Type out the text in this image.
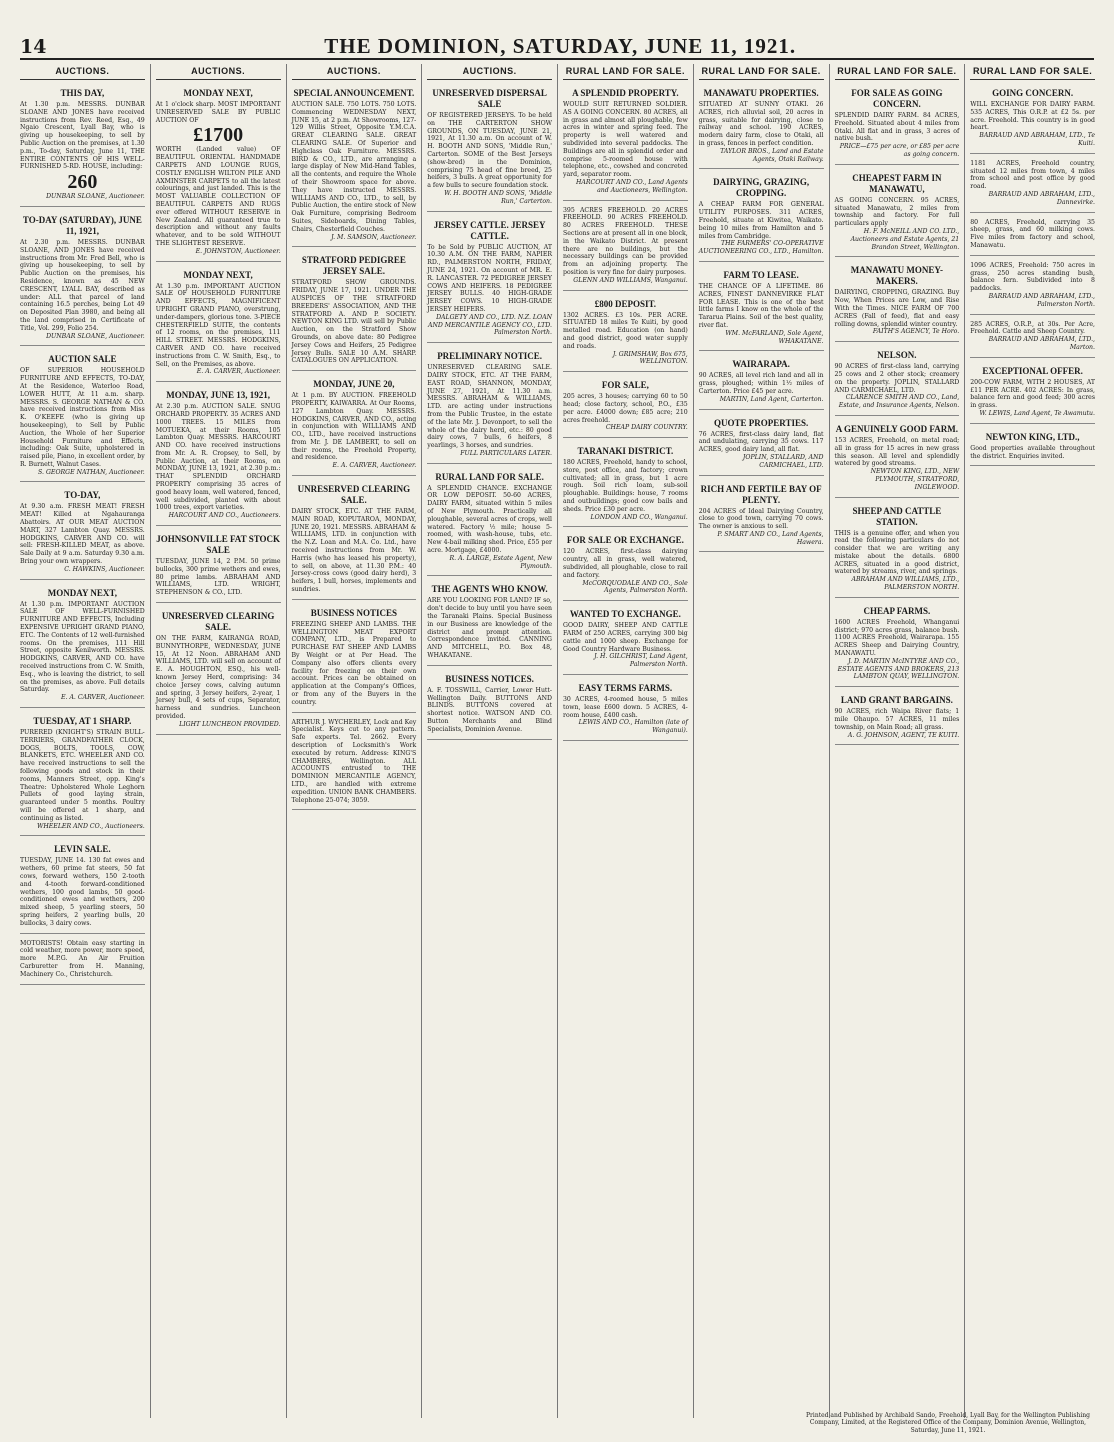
14	THE DOMINION, SATURDAY, JUNE 11, 1921.
AUCTIONS.
THIS DAY,
At 1.30 p.m. MESSRS. DUNBAR SLOANE AND JONES have received instructions from Rev. Reed, Esq., 49 Ngaio Crescent, Lyall Bay, who is giving up housekeeping, to sell by Public Auction on the premises, at 1.30 p.m., To-day, Saturday, June 11, THE ENTIRE CONTENTS OF HIS WELL-FURNISHED 5-RD. HOUSE, including:
260
DUNBAR SLOANE, Auctioneer.
TO-DAY (SATURDAY), JUNE 11, 1921,
At 2.30 p.m. MESSRS. DUNBAR SLOANE, AND JONES have received instructions from Mr. Fred Bell, who is giving up housekeeping, to sell by Public Auction on the premises, his Residence, known as 45 NEW CRESCENT, LYALL BAY, described as under: ALL that parcel of land containing 16.5 perches, being Lot 49 on Deposited Plan 3980, and being all the land comprised in Certificate of Title, Vol. 299, Folio 254.
DUNBAR SLOANE, Auctioneer.
AUCTION SALE
OF SUPERIOR HOUSEHOLD FURNITURE AND EFFECTS, TO-DAY, At the Residence, Waterloo Road, LOWER HUTT, At 11 a.m. sharp. MESSRS. S. GEORGE NATHAN & CO. have received instructions from Miss K. O'KEEFE (who is giving up housekeeping), to Sell by Public Auction, the Whole of her Superior Household Furniture and Effects, including: Oak Suite, upholstered in raised pile, Piano, in excellent order, by R. Burnett, Walnut Cases.
S. GEORGE NATHAN, Auctioneer.
TO-DAY,
At 9.30 a.m. FRESH MEAT! FRESH MEAT! Killed at Ngahauranga Abattoirs. AT OUR MEAT AUCTION MART, 327 Lambton Quay. MESSRS. HODGKINS, CARVER AND CO. will sell: FRESH-KILLED MEAT, as above. Sale Daily at 9 a.m. Saturday 9.30 a.m. Bring your own wrappers.
C. HAWKINS, Auctioneer.
MONDAY NEXT,
At 1.30 p.m. IMPORTANT AUCTION SALE OF WELL-FURNISHED FURNITURE AND EFFECTS, Including EXPENSIVE UPRIGHT GRAND PIANO, ETC. The Contents of 12 well-furnished rooms. On the premises, 111 Hill Street, opposite Kenilworth. MESSRS. HODGKINS, CARVER, AND CO. have received instructions from C. W. Smith, Esq., who is leaving the district, to sell on the premises, as above. Full details Saturday.
E. A. CARVER, Auctioneer.
TUESDAY, AT 1 SHARP.
PURERED (KNIGHT'S) STRAIN BULL-TERRIERS, GRANDFATHER CLOCK, DOGS, BOLTS, TOOLS, COW, BLANKETS, ETC. WHEELER AND CO. have received instructions to sell the following goods and stock in their rooms, Manners Street, opp. King's Theatre: Upholstered Whole Leghorn Pullets of good laying strain, guaranteed under 5 months. Poultry will be offered at 1 sharp, and continuing as listed.
WHEELER AND CO., Auctioneers.
LEVIN SALE.
TUESDAY, JUNE 14. 130 fat ewes and wethers, 60 prime fat steers, 50 fat cows, forward wethers, 150 2-tooth and 4-tooth forward-conditioned wethers, 100 good lambs, 50 good-conditioned ewes and wethers, 200 mixed sheep, 5 yearling steers, 50 spring heifers, 2 yearling bulls, 20 bullocks, 3 dairy cows.
MOTORISTS! Obtain easy starting in cold weather, more power, more speed, more M.P.G. An Air Fruition Carburetter from H. Manning, Machinery Co., Christchurch.
AUCTIONS.
MONDAY NEXT,
At 1 o'clock sharp. MOST IMPORTANT UNRESERVED SALE BY PUBLIC AUCTION OF
£1700
WORTH (Landed value) OF BEAUTIFUL ORIENTAL HANDMADE CARPETS AND LOUNGE RUGS, COSTLY ENGLISH WILTON PILE AND AXMINSTER CARPETS to all the latest colourings, and just landed. This is the MOST VALUABLE COLLECTION OF BEAUTIFUL CARPETS AND RUGS ever offered WITHOUT RESERVE in New Zealand. All guaranteed true to description and without any faults whatever, and to be sold WITHOUT THE SLIGHTEST RESERVE.
E. JOHNSTON, Auctioneer.
MONDAY NEXT,
At 1.30 p.m. IMPORTANT AUCTION SALE OF HOUSEHOLD FURNITURE AND EFFECTS, MAGNIFICENT UPRIGHT GRAND PIANO, overstrung, under-dampers, glorious tone. 3-PIECE CHESTERFIELD SUITE, the contents of 12 rooms, on the premises, 111 HILL STREET. MESSRS. HODGKINS, CARVER AND CO. have received instructions from C. W. Smith, Esq., to Sell, on the Premises, as above.
E. A. CARVER, Auctioneer.
MONDAY, JUNE 13, 1921,
At 2.30 p.m. AUCTION SALE. SNUG ORCHARD PROPERTY. 35 ACRES AND 1000 TREES. 15 MILES from MOTUEKA, at their Rooms, 105 Lambton Quay. MESSRS. HARCOURT AND CO. have received instructions from Mr. A. R. Cropsey, to Sell, by Public Auction, at their Rooms, on MONDAY, JUNE 13, 1921, at 2.30 p.m.: THAT SPLENDID ORCHARD PROPERTY comprising 35 acres of good heavy loam, well watered, fenced, well subdivided, planted with about 1000 trees, export varieties.
HARCOURT AND CO., Auctioneers.
JOHNSONVILLE FAT STOCK SALE
TUESDAY, JUNE 14, 2 P.M. 50 prime bullocks, 300 prime wethers and ewes, 80 prime lambs. ABRAHAM AND WILLIAMS, LTD. WRIGHT, STEPHENSON & CO., LTD.
UNRESERVED CLEARING SALE.
ON THE FARM, KAIRANGA ROAD, BUNNYTHORPE, WEDNESDAY, JUNE 15, At 12 Noon. ABRAHAM AND WILLIAMS, LTD. will sell on account of E. A. HOUGHTON, ESQ., his well-known Jersey Herd, comprising: 34 choice Jersey cows, calving autumn and spring, 3 Jersey heifers, 2-year, 1 Jersey bull, 4 sets of cups, Separator, harness and sundries. Luncheon provided.
LIGHT LUNCHEON PROVIDED.
AUCTIONS.
SPECIAL ANNOUNCEMENT.
AUCTION SALE. 750 LOTS. 750 LOTS. Commencing WEDNESDAY NEXT, JUNE 15, at 2 p.m. At Showrooms, 127-129 Willis Street, Opposite Y.M.C.A. GREAT CLEARING SALE. GREAT CLEARING SALE. Of Superior and Highclass Oak Furniture. MESSRS. BIRD & CO., LTD., are arranging a large display of New Mid-Hand Tables, all the contents, and require the Whole of their Showroom space for above. They have instructed MESSRS. WILLIAMS AND CO., LTD., to sell, by Public Auction, the entire stock of New Oak Furniture, comprising Bedroom Suites, Sideboards, Dining Tables, Chairs, Chesterfield Couches.
J. M. SAMSON, Auctioneer.
STRATFORD PEDIGREE JERSEY SALE.
STRATFORD SHOW GROUNDS. FRIDAY, JUNE 17, 1921. UNDER THE AUSPICES OF THE STRATFORD BREEDERS' ASSOCIATION, AND THE STRATFORD A. AND P. SOCIETY. NEWTON KING LTD. will sell by Public Auction, on the Stratford Show Grounds, on above date: 80 Pedigree Jersey Cows and Heifers, 25 Pedigree Jersey Bulls. SALE 10 A.M. SHARP. CATALOGUES ON APPLICATION.
MONDAY, JUNE 20,
At 1 p.m. BY AUCTION. FREEHOLD PROPERTY, KAIWARRA. At Our Rooms, 127 Lambton Quay. MESSRS. HODGKINS, CARVER, AND CO., acting in conjunction with WILLIAMS AND CO., LTD., have received instructions from Mr. J. DE LAMBERT, to sell on their rooms, the Freehold Property, and residence.
E. A. CARVER, Auctioneer.
UNRESERVED CLEARING SALE.
DAIRY STOCK, ETC. AT THE FARM, MAIN ROAD, KOPUTAROA, MONDAY, JUNE 20, 1921. MESSRS. ABRAHAM & WILLIAMS, LTD. in conjunction with the N.Z. Loan and M.A. Co. Ltd., have received instructions from Mr. W. Harris (who has leased his property), to sell, on above, at 11.30 P.M.: 40 Jersey-cross cows (good dairy herd), 3 heifers, 1 bull, horses, implements and sundries.
BUSINESS NOTICES
FREEZING SHEEP AND LAMBS. THE WELLINGTON MEAT EXPORT COMPANY, LTD., is Prepared to PURCHASE FAT SHEEP AND LAMBS By Weight or at Per Head. The Company also offers clients every facility for freezing on their own account. Prices can be obtained on application at the Company's Offices, or from any of the Buyers in the country.
ARTHUR J. WYCHERLEY, Lock and Key Specialist. Keys cut to any pattern. Safe experts. Tel. 2662. Every description of Locksmith's Work executed by return. Address: KING'S CHAMBERS, Wellington. ALL ACCOUNTS entrusted to THE DOMINION MERCANTILE AGENCY, LTD., are handled with extreme expedition. UNION BANK CHAMBERS. Telephone 25-074; 3059.
AUCTIONS.
UNRESERVED DISPERSAL SALE
OF REGISTERED JERSEYS. To be held on THE CARTERTON SHOW GROUNDS, ON TUESDAY, JUNE 21, 1921, At 11.30 a.m. On account of W. H. BOOTH AND SONS, 'Middle Run,' Carterton. SOME of the Best Jerseys (show-bred) in the Dominion, comprising 75 head of fine breed, 25 heifers, 3 bulls. A great opportunity for a few bulls to secure foundation stock.
W. H. BOOTH AND SONS, 'Middle Run,' Carterton.
JERSEY CATTLE. JERSEY CATTLE.
To be Sold by PUBLIC AUCTION, AT 10.30 A.M. ON THE FARM, NAPIER RD., PALMERSTON NORTH, FRIDAY, JUNE 24, 1921. On account of MR. E. R. LANCASTER. 72 PEDIGREE JERSEY COWS AND HEIFERS. 18 PEDIGREE JERSEY BULLS. 40 HIGH-GRADE JERSEY COWS. 10 HIGH-GRADE JERSEY HEIFERS.
DALGETY AND CO., LTD. N.Z. LOAN AND MERCANTILE AGENCY CO., LTD. Palmerston North.
PRELIMINARY NOTICE.
UNRESERVED CLEARING SALE. DAIRY STOCK, ETC. AT THE FARM, EAST ROAD, SHANNON, MONDAY, JUNE 27, 1921, At 11.30 a.m. MESSRS. ABRAHAM & WILLIAMS, LTD. are acting under instructions from the Public Trustee, in the estate of the late Mr. J. Devonport, to sell the whole of the dairy herd, etc.: 80 good dairy cows, 7 bulls, 6 heifers, 8 yearlings, 3 horses, and sundries.
FULL PARTICULARS LATER.
RURAL LAND FOR SALE.
A SPLENDID CHANCE. EXCHANGE OR LOW DEPOSIT. 50-60 ACRES, DAIRY FARM, situated within 5 miles of New Plymouth. Practically all ploughable, several acres of crops, well watered. Factory ½ mile; house 5-roomed, with wash-house, tubs, etc. New 4-bail milking shed. Price, £55 per acre. Mortgage, £4000.
R. A. LARGE, Estate Agent, New Plymouth.
THE AGENTS WHO KNOW.
ARE YOU LOOKING FOR LAND? IF so, don't decide to buy until you have seen the Taranaki Plains. Special Business in our Business are knowledge of the district and prompt attention. Correspondence invited. CANNING AND MITCHELL, P.O. Box 48, WHAKATANE.
BUSINESS NOTICES.
A. F. TOSSWILL, Carrier, Lower Hutt-Wellington Daily. BUTTONS AND BLINDS. BUTTONS covered at shortest notice. WATSON AND CO. Button Merchants and Blind Specialists, Dominion Avenue.
RURAL LAND FOR SALE.
A SPLENDID PROPERTY.
WOULD SUIT RETURNED SOLDIER. AS A GOING CONCERN. 80 ACRES, all in grass and almost all ploughable, few acres in winter and spring feed. The property is well watered and subdivided into several paddocks. The Buildings are all in splendid order and comprise 5-roomed house with telephone, etc., cowshed and concreted yard, separator room.
HARCOURT AND CO., Land Agents and Auctioneers, Wellington.
395 ACRES FREEHOLD. 20 ACRES FREEHOLD. 90 ACRES FREEHOLD. 80 ACRES FREEHOLD. THESE Sections are at present all in one block, in the Waikato District. At present there are no buildings, but the necessary buildings can be provided from an adjoining property. The position is very fine for dairy purposes.
GLENN AND WILLIAMS, Wanganui.
£800 DEPOSIT.
1302 ACRES. £3 10s. PER ACRE. SITUATED 18 miles Te Kuiti, by good metalled road. Education (on hand) and good district, good water supply and roads.
J. GRIMSHAW, Box 675, WELLINGTON.
FOR SALE,
205 acres, 3 houses; carrying 60 to 50 head; close factory, school, P.O., £35 per acre. £4000 down; £85 acre; 210 acres freehold.
CHEAP DAIRY COUNTRY.
TARANAKI DISTRICT.
180 ACRES, Freehold, handy to school, store, post office, and factory; crown cultivated; all in grass, but 1 acre rough. Soil rich loam, sub-soil ploughable. Buildings: house, 7 rooms and outbuildings; good cow bails and sheds. Price £30 per acre.
LONDON AND CO., Wanganui.
FOR SALE OR EXCHANGE.
120 ACRES, first-class dairying country, all in grass, well watered, subdivided, all ploughable, close to rail and factory.
McCORQUODALE AND CO., Sole Agents, Palmerston North.
WANTED TO EXCHANGE.
GOOD DAIRY, SHEEP AND CATTLE FARM of 250 ACRES, carrying 300 big cattle and 1000 sheep. Exchange for Good Country Hardware Business.
J. H. GILCHRIST, Land Agent, Palmerston North.
EASY TERMS FARMS.
30 ACRES, 4-roomed house, 5 miles town, lease £600 down. 5 ACRES, 4-room house, £400 cash.
LEWIS AND CO., Hamilton (late of Wanganui).
RURAL LAND FOR SALE.
MANAWATU PROPERTIES.
SITUATED AT SUNNY OTAKI. 26 ACRES, rich alluvial soil, 20 acres in grass, suitable for dairying, close to railway and school. 190 ACRES, modern dairy farm, close to Otaki, all in grass, fences in perfect condition.
TAYLOR BROS., Land and Estate Agents, Otaki Railway.
DAIRYING, GRAZING, CROPPING.
A CHEAP FARM FOR GENERAL UTILITY PURPOSES. 311 ACRES, Freehold, situate at Kiwitea, Waikato. being 10 miles from Hamilton and 5 miles from Cambridge.
THE FARMERS' CO-OPERATIVE AUCTIONEERING CO., LTD., Hamilton.
FARM TO LEASE.
THE CHANCE OF A LIFETIME. 86 ACRES, FINEST DANNEVIRKE FLAT FOR LEASE. This is one of the best little farms I know on the whole of the Tararua Plains. Soil of the best quality, river flat.
WM. McFARLAND, Sole Agent, WHAKATANE.
WAIRARAPA.
90 ACRES, all level rich land and all in grass, ploughed; within 1½ miles of Carterton. Price £45 per acre.
MARTIN, Land Agent, Carterton.
QUOTE PROPERTIES.
76 ACRES, first-class dairy land, flat and undulating, carrying 35 cows. 117 ACRES, good dairy land, all flat.
JOPLIN, STALLARD, AND CARMICHAEL, LTD.
RICH AND FERTILE BAY OF PLENTY.
204 ACRES of Ideal Dairying Country, close to good town, carrying 70 cows. The owner is anxious to sell.
P. SMART AND CO., Land Agents, Hawera.
RURAL LAND FOR SALE.
FOR SALE AS GOING CONCERN.
SPLENDID DAIRY FARM. 84 ACRES, Freehold. Situated about 4 miles from Otaki. All flat and in grass, 3 acres of native bush.
PRICE—£75 per acre, or £85 per acre as going concern.
CHEAPEST FARM IN MANAWATU,
AS GOING CONCERN. 95 ACRES, situated Manawatu, 2 miles from township and factory. For full particulars apply
H. F. McNEILL AND CO. LTD., Auctioneers and Estate Agents, 21 Brandon Street, Wellington.
MANAWATU MONEY-MAKERS.
DAIRYING, CROPPING, GRAZING. Buy Now, When Prices are Low, and Rise With the Times. NICE FARM OF 700 ACRES (Fall of feed), flat and easy rolling downs, splendid winter country.
FAITH'S AGENCY, Te Horo.
NELSON.
90 ACRES of first-class land, carrying 25 cows and 2 other stock; creamery on the property. JOPLIN, STALLARD AND CARMICHAEL, LTD.
CLARENCE SMITH AND CO., Land, Estate, and Insurance Agents, Nelson.
A GENUINELY GOOD FARM.
153 ACRES, Freehold, on metal road; all in grass for 15 acres in new grass this season. All level and splendidly watered by good streams.
NEWTON KING, LTD., NEW PLYMOUTH, STRATFORD, INGLEWOOD.
SHEEP AND CATTLE STATION.
THIS is a genuine offer, and when you read the following particulars do not consider that we are writing any mistake about the details. 6800 ACRES, situated in a good district, watered by streams, river, and springs.
ABRAHAM AND WILLIAMS, LTD., PALMERSTON NORTH.
CHEAP FARMS.
1600 ACRES Freehold, Whanganui district; 970 acres grass, balance bush. 1100 ACRES Freehold, Wairarapa. 155 ACRES Sheep and Dairying Country, MANAWATU.
J. D. MARTIN McINTYRE AND CO., ESTATE AGENTS AND BROKERS, 213 LAMBTON QUAY, WELLINGTON.
LAND GRANT BARGAINS.
90 ACRES, rich Waipa River flats; 1 mile Ohaupo. 57 ACRES, 11 miles township, on Main Road; all grass.
A. G. JOHNSON, AGENT, TE KUITI.
RURAL LAND FOR SALE.
GOING CONCERN.
WILL EXCHANGE FOR DAIRY FARM. 535 ACRES, This O.R.P. at £2 5s. per acre. Freehold. This country is in good heart.
BARRAUD AND ABRAHAM, LTD., Te Kuiti.
1181 ACRES, Freehold country, situated 12 miles from town, 4 miles from school and post office by good road.
BARRAUD AND ABRAHAM, LTD., Dannevirke.
80 ACRES, Freehold, carrying 35 sheep, grass, and 60 milking cows. Five miles from factory and school, Manawatu.
1096 ACRES, Freehold: 750 acres in grass, 250 acres standing bush, balance fern. Subdivided into 8 paddocks.
BARRAUD AND ABRAHAM, LTD., Palmerston North.
285 ACRES, O.R.P., at 30s. Per Acre, Freehold. Cattle and Sheep Country.
BARRAUD AND ABRAHAM, LTD., Marton.
EXCEPTIONAL OFFER.
200-COW FARM, WITH 2 HOUSES, AT £11 PER ACRE. 402 ACRES: In grass, balance fern and good feed; 300 acres in grass.
W. LEWIS, Land Agent, Te Awamutu.
NEWTON KING, LTD.,
Good properties available throughout the district. Enquiries invited.
Printed and Published by Archibald Sando, Freehold, Lyall Bay, for the Wellington Publishing Company, Limited, at the Registered Office of the Company, Dominion Avenue, Wellington, Saturday, June 11, 1921.
